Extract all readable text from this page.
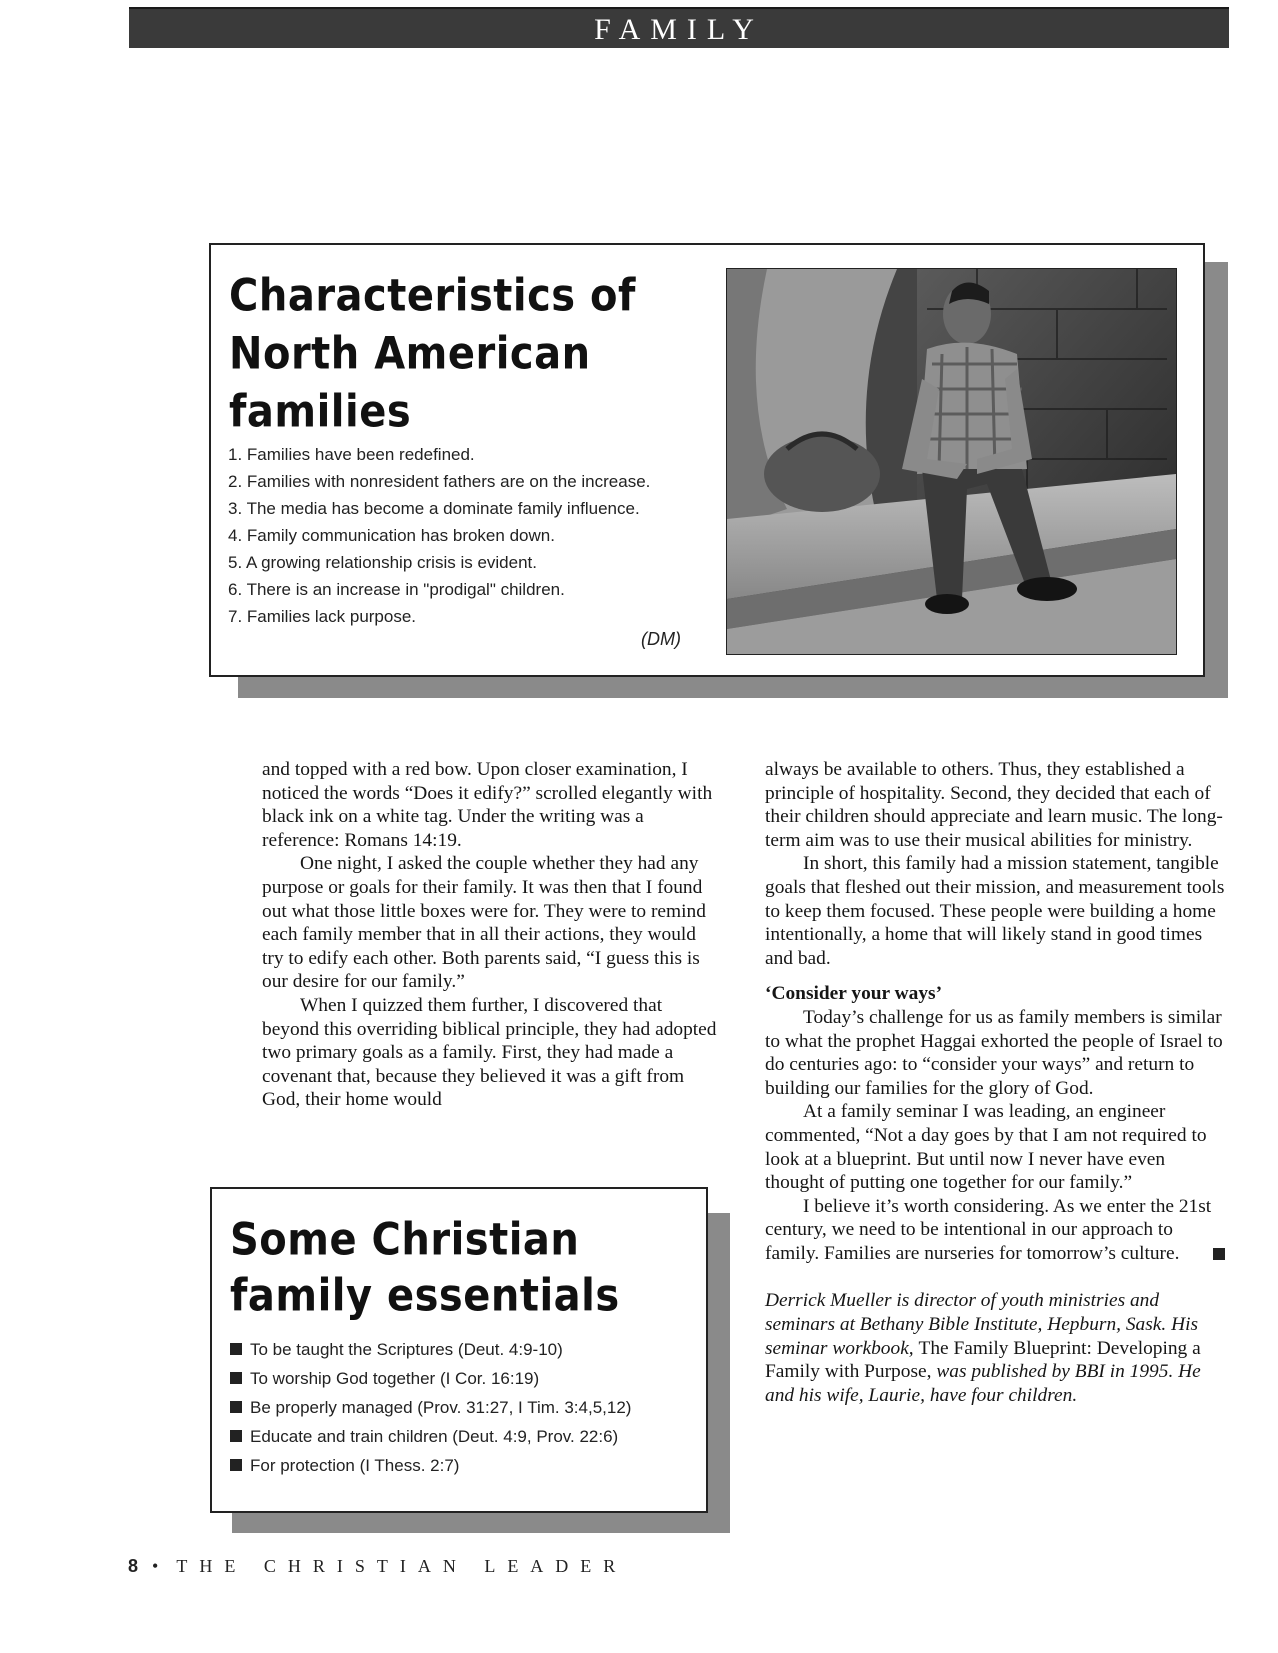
FAMILY
Characteristics of
North American
families
1. Families have been redefined.
2. Families with nonresident fathers are on the increase.
3. The media has become a dominate family influence.
4. Family communication has broken down.
5. A growing relationship crisis is evident.
6. There is an increase in "prodigal" children.
7. Families lack purpose.
(DM)

and topped with a red bow. Upon closer examination, I noticed the words “Does it edify?” scrolled elegantly with black ink on a white tag. Under the writing was a reference: Romans 14:19.

One night, I asked the couple whether they had any purpose or goals for their family. It was then that I found out what those little boxes were for. They were to remind each family member that in all their actions, they would try to edify each other. Both parents said, “I guess this is our desire for our family.”

When I quizzed them further, I discovered that beyond this overriding biblical principle, they had adopted two primary goals as a family. First, they had made a covenant that, because they believed it was a gift from God, their home would

Some Christian
family essentials
To be taught the Scriptures (Deut. 4:9-10)
To worship God together (I Cor. 16:19)
Be properly managed (Prov. 31:27, I Tim. 3:4,5,12)
Educate and train children (Deut. 4:9, Prov. 22:6)
For protection (I Thess. 2:7)

always be available to others. Thus, they established a principle of hospitality. Second, they decided that each of their children should appreciate and learn music. The long-term aim was to use their musical abilities for ministry.

In short, this family had a mission statement, tangible goals that fleshed out their mission, and measurement tools to keep them focused. These people were building a home intentionally, a home that will likely stand in good times and bad.

‘Consider your ways’

Today’s challenge for us as family members is similar to what the prophet Haggai exhorted the people of Israel to do centuries ago: to “consider your ways” and return to building our families for the glory of God.

At a family seminar I was leading, an engineer commented, “Not a day goes by that I am not required to look at a blueprint. But until now I never have even thought of putting one together for our family.”

I believe it’s worth considering. As we enter the 21st century, we need to be intentional in our approach to family. Families are nurseries for tomorrow’s culture.

Derrick Mueller is director of youth ministries and seminars at Bethany Bible Institute, Hepburn, Sask. His seminar workbook, The Family Blueprint: Developing a Family with Purpose, was published by BBI in 1995. He and his wife, Laurie, have four children.

8 • THE CHRISTIAN LEADER
